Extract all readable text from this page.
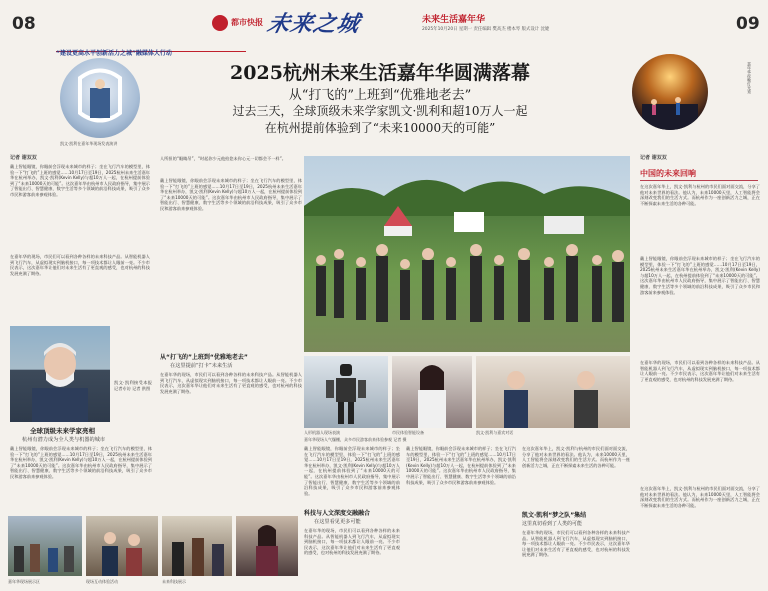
08	都市快报 未来之城	未来生活嘉年华
2025年10月20日 星期一 责任编辑 樊高杰 楼本琴 版式设计 沈婕	09
“建设更高水平创新活力之城”融媒体大行动
凯文·凯利在嘉年华现场发表演讲
2025杭州未来生活嘉年华圆满落幕
从“打飞的”上班到“优雅地老去”
过去三天，全球顶级未来学家凯文·凯利和超10万人一起
在杭州提前体验到了“未来10000天的可能”
嘉年华夜晚灯光秀
记者 谢双双
戴上智能眼镜，你眼前会浮现未来城市的样子；坐在飞行汽车的模型里，体验一下“打飞的”上班的感觉……10月17日至19日，2025杭州未来生活嘉年华在杭州举办，凯文·凯利(Kevin Kelly)与超10万人一起，在杭州提前体验到了“未来10000天的可能”。这次嘉年华由杭州市人民政府指导，集中展示了智能出行、智慧健康、数字生活等多个领域的前沿科技成果，吸引了众多市民和游客前来参观体验。
在嘉年华的现场，市民们可以看到各种各样的未来科技产品。从智能机器人到飞行汽车，从虚拟现实到脑机接口，每一项技术都让人眼前一亮。不少市民表示，这次嘉年华让他们对未来生活有了更直观的感受，也对杭州的科技发展充满了期待。
凯文·凯利接受本报记者专访 记者 供图
全球顶级未来学家亮相
杭州有潜力成为全人类与机器的城市
戴上智能眼镜，你眼前会浮现未来城市的样子；坐在飞行汽车的模型里，体验一下“打飞的”上班的感觉……10月17日至19日，2025杭州未来生活嘉年华在杭州举办，凯文·凯利(Kevin Kelly)与超10万人一起，在杭州提前体验到了“未来10000天的可能”。这次嘉年华由杭州市人民政府指导，集中展示了智能出行、智慧健康、数字生活等多个领域的前沿科技成果，吸引了众多市民和游客前来参观体验。
嘉年华现场展示区	现场互动体验活动
人所担的“眼睛吊”，“时起你少元他拾您未你心元一切都会不一样”。
戴上智能眼镜，你眼前会浮现未来城市的样子；坐在飞行汽车的模型里，体验一下“打飞的”上班的感觉……10月17日至19日，2025杭州未来生活嘉年华在杭州举办，凯文·凯利(Kevin Kelly)与超10万人一起，在杭州提前体验到了“未来10000天的可能”。这次嘉年华由杭州市人民政府指导，集中展示了智能出行、智慧健康、数字生活等多个领域的前沿科技成果，吸引了众多市民和游客前来参观体验。
从“打飞的”上班到“优雅地老去”
在这里提前“打卡”未来生活
在嘉年华的现场，市民们可以看到各种各样的未来科技产品。从智能机器人到飞行汽车，从虚拟现实到脑机接口，每一项技术都让人眼前一亮。不少市民表示，这次嘉年华让他们对未来生活有了更直观的感受，也对杭州的科技发展充满了期待。
未来科技展示
人形机器人现场表演	市民体验智能设备	凯文·凯利与嘉宾对话
嘉年华现场人气爆棚，众多市民游客前来体验参观 记者 摄
戴上智能眼镜，你眼前会浮现未来城市的样子；坐在飞行汽车的模型里，体验一下“打飞的”上班的感觉……10月17日至19日，2025杭州未来生活嘉年华在杭州举办，凯文·凯利(Kevin Kelly)与超10万人一起，在杭州提前体验到了“未来10000天的可能”。这次嘉年华由杭州市人民政府指导，集中展示了智能出行、智慧健康、数字生活等多个领域的前沿科技成果，吸引了众多市民和游客前来参观体验。
科技与人文深度交融融合
在这里看见更多可能
在嘉年华的现场，市民们可以看到各种各样的未来科技产品。从智能机器人到飞行汽车，从虚拟现实到脑机接口，每一项技术都让人眼前一亮。不少市民表示，这次嘉年华让他们对未来生活有了更直观的感受，也对杭州的科技发展充满了期待。
戴上智能眼镜，你眼前会浮现未来城市的样子；坐在飞行汽车的模型里，体验一下“打飞的”上班的感觉……10月17日至19日，2025杭州未来生活嘉年华在杭州举办，凯文·凯利(Kevin Kelly)与超10万人一起，在杭州提前体验到了“未来10000天的可能”。这次嘉年华由杭州市人民政府指导，集中展示了智能出行、智慧健康、数字生活等多个领域的前沿科技成果，吸引了众多市民和游客前来参观体验。
在这次嘉年华上，凯文·凯利与杭州的市民们面对面交流，分享了他对未来世界的看法。他认为，未来10000天里，人工智能将会深刻改变我们的生活方式。而杭州作为一座创新活力之城，正在不断探索未来生活的各种可能。
记者 谢双双
中国的未来回响
在这次嘉年华上，凯文·凯利与杭州的市民们面对面交流，分享了他对未来世界的看法。他认为，未来10000天里，人工智能将会深刻改变我们的生活方式。而杭州作为一座创新活力之城，正在不断探索未来生活的各种可能。
戴上智能眼镜，你眼前会浮现未来城市的样子；坐在飞行汽车的模型里，体验一下“打飞的”上班的感觉……10月17日至19日，2025杭州未来生活嘉年华在杭州举办，凯文·凯利(Kevin Kelly)与超10万人一起，在杭州提前体验到了“未来10000天的可能”。这次嘉年华由杭州市人民政府指导，集中展示了智能出行、智慧健康、数字生活等多个领域的前沿科技成果，吸引了众多市民和游客前来参观体验。
在嘉年华的现场，市民们可以看到各种各样的未来科技产品。从智能机器人到飞行汽车，从虚拟现实到脑机接口，每一项技术都让人眼前一亮。不少市民表示，这次嘉年华让他们对未来生活有了更直观的感受，也对杭州的科技发展充满了期待。
在这次嘉年华上，凯文·凯利与杭州的市民们面对面交流，分享了他对未来世界的看法。他认为，未来10000天里，人工智能将会深刻改变我们的生活方式。而杭州作为一座创新活力之城，正在不断探索未来生活的各种可能。
凯文·凯利“梦之队”集结
这里真切看到了人类的可能
在嘉年华的现场，市民们可以看到各种各样的未来科技产品。从智能机器人到飞行汽车，从虚拟现实到脑机接口，每一项技术都让人眼前一亮。不少市民表示，这次嘉年华让他们对未来生活有了更直观的感受，也对杭州的科技发展充满了期待。
